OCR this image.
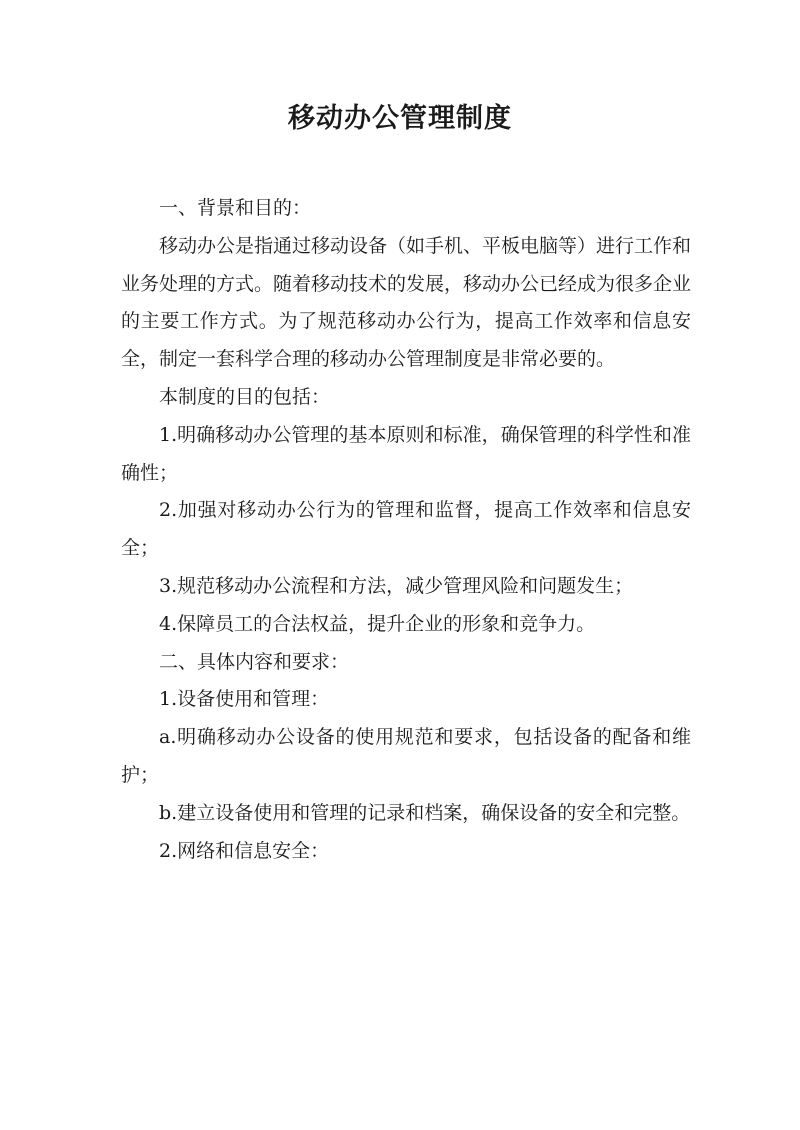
移动办公管理制度

一、背景和目的：

移动办公是指通过移动设备（如手机、平板电脑等）进行工作和业务处理的方式。随着移动技术的发展，移动办公已经成为很多企业的主要工作方式。为了规范移动办公行为，提高工作效率和信息安全，制定一套科学合理的移动办公管理制度是非常必要的。

本制度的目的包括：

1.明确移动办公管理的基本原则和标准，确保管理的科学性和准确性；

2.加强对移动办公行为的管理和监督，提高工作效率和信息安全；

3.规范移动办公流程和方法，减少管理风险和问题发生；

4.保障员工的合法权益，提升企业的形象和竞争力。

二、具体内容和要求：

1.设备使用和管理：

a.明确移动办公设备的使用规范和要求，包括设备的配备和维护；

b.建立设备使用和管理的记录和档案，确保设备的安全和完整。

2.网络和信息安全：
